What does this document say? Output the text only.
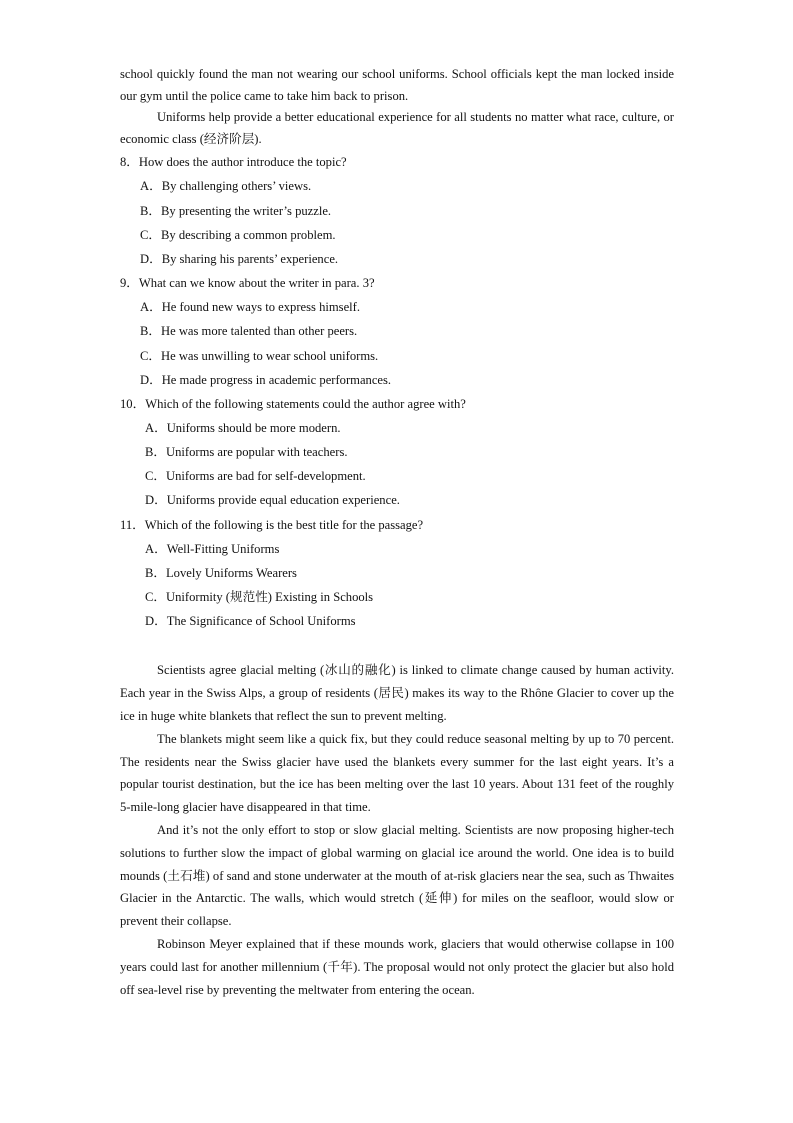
school quickly found the man not wearing our school uniforms. School officials kept the man locked inside our gym until the police came to take him back to prison.

Uniforms help provide a better educational experience for all students no matter what race, culture, or economic class (经济阶层).

8．How does the author introduce the topic?

A．By challenging others’ views.

B．By presenting the writer’s puzzle.

C．By describing a common problem.

D．By sharing his parents’ experience.

9．What can we know about the writer in para. 3?

A．He found new ways to express himself.

B．He was more talented than other peers.

C．He was unwilling to wear school uniforms.

D．He made progress in academic performances.

10．Which of the following statements could the author agree with?

A．Uniforms should be more modern.

B．Uniforms are popular with teachers.

C．Uniforms are bad for self-development.

D．Uniforms provide equal education experience.

11．Which of the following is the best title for the passage?

A．Well-Fitting Uniforms

B．Lovely Uniforms Wearers

C．Uniformity (规范性) Existing in Schools

D．The Significance of School Uniforms

Scientists agree glacial melting (冰山的融化) is linked to climate change caused by human activity. Each year in the Swiss Alps, a group of residents (居民) makes its way to the Rhône Glacier to cover up the ice in huge white blankets that reflect the sun to prevent melting.

The blankets might seem like a quick fix, but they could reduce seasonal melting by up to 70 percent. The residents near the Swiss glacier have used the blankets every summer for the last eight years. It’s a popular tourist destination, but the ice has been melting over the last 10 years. About 131 feet of the roughly 5-mile-long glacier have disappeared in that time.

And it’s not the only effort to stop or slow glacial melting. Scientists are now proposing higher-tech solutions to further slow the impact of global warming on glacial ice around the world. One idea is to build mounds (土石堆) of sand and stone underwater at the mouth of at-risk glaciers near the sea, such as Thwaites Glacier in the Antarctic. The walls, which would stretch (延伸) for miles on the seafloor, would slow or prevent their collapse.

Robinson Meyer explained that if these mounds work, glaciers that would otherwise collapse in 100 years could last for another millennium (千年). The proposal would not only protect the glacier but also hold off sea-level rise by preventing the meltwater from entering the ocean.
